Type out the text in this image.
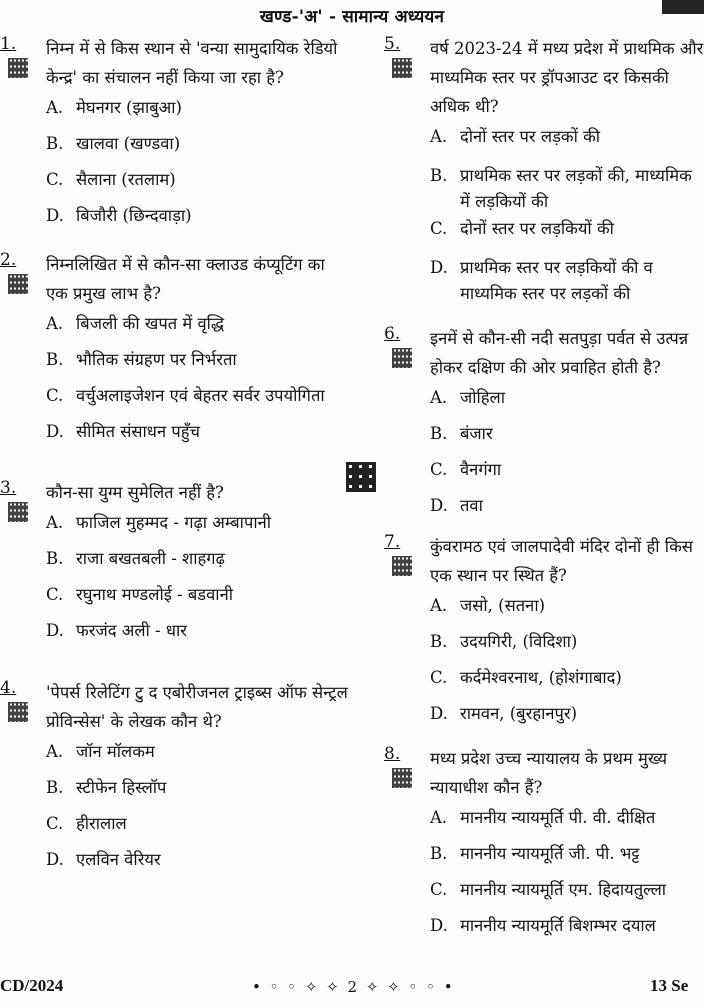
खण्ड-'अ' - सामान्य अध्ययन
1. निम्न में से किस स्थान से 'वन्या सामुदायिक रेडियो केन्द्र' का संचालन नहीं किया जा रहा है?
A. मेघनगर (झाबुआ)
B. खालवा (खण्डवा)
C. सैलाना (रतलाम)
D. बिजौरी (छिन्दवाड़ा)
2. निम्नलिखित में से कौन-सा क्लाउड कंप्यूटिंग का एक प्रमुख लाभ है?
A. बिजली की खपत में वृद्धि
B. भौतिक संग्रहण पर निर्भरता
C. वर्चुअलाइजेशन एवं बेहतर सर्वर उपयोगिता
D. सीमित संसाधन पहुँच
3. कौन-सा युग्म सुमेलित नहीं है?
A. फाजिल मुहम्मद - गढ़ा अम्बापानी
B. राजा बखतबली - शाहगढ़
C. रघुनाथ मण्डलोई - बडवानी
D. फरजंद अली - धार
4. 'पेपर्स रिलेटिंग टु द एबोरीजनल ट्राइब्स ऑफ सेन्ट्रल प्रोविन्सेस' के लेखक कौन थे?
A. जॉन मॉलकम
B. स्टीफेन हिस्लॉप
C. हीरालाल
D. एलविन वेरियर
5. वर्ष 2023-24 में मध्य प्रदेश में प्राथमिक और माध्यमिक स्तर पर ड्रॉपआउट दर किसकी अधिक थी?
A. दोनों स्तर पर लड़कों की
B. प्राथमिक स्तर पर लड़कों की, माध्यमिक में लड़कियों की
C. दोनों स्तर पर लड़कियों की
D. प्राथमिक स्तर पर लड़कियों की व माध्यमिक स्तर पर लड़कों की
6. इनमें से कौन-सी नदी सतपुड़ा पर्वत से उत्पन्न होकर दक्षिण की ओर प्रवाहित होती है?
A. जोहिला
B. बंजार
C. वैनगंगा
D. तवा
7. कुंवरामठ एवं जालपादेवी मंदिर दोनों ही किस एक स्थान पर स्थित हैं?
A. जसो, (सतना)
B. उदयगिरी, (विदिशा)
C. कर्दमेश्वरनाथ, (होशंगाबाद)
D. रामवन, (बुरहानपुर)
8. मध्य प्रदेश उच्च न्यायालय के प्रथम मुख्य न्यायाधीश कौन हैं?
A. माननीय न्यायमूर्ति पी. वी. दीक्षित
B. माननीय न्यायमूर्ति जी. पी. भट्ट
C. माननीय न्यायमूर्ति एम. हिदायतुल्ला
D. माननीय न्यायमूर्ति बिशम्भर दयाल
CD/2024	• ◦ ◦ ✧ ✧ 2 ✧ ✧ ◦ ◦ •	13 Se
